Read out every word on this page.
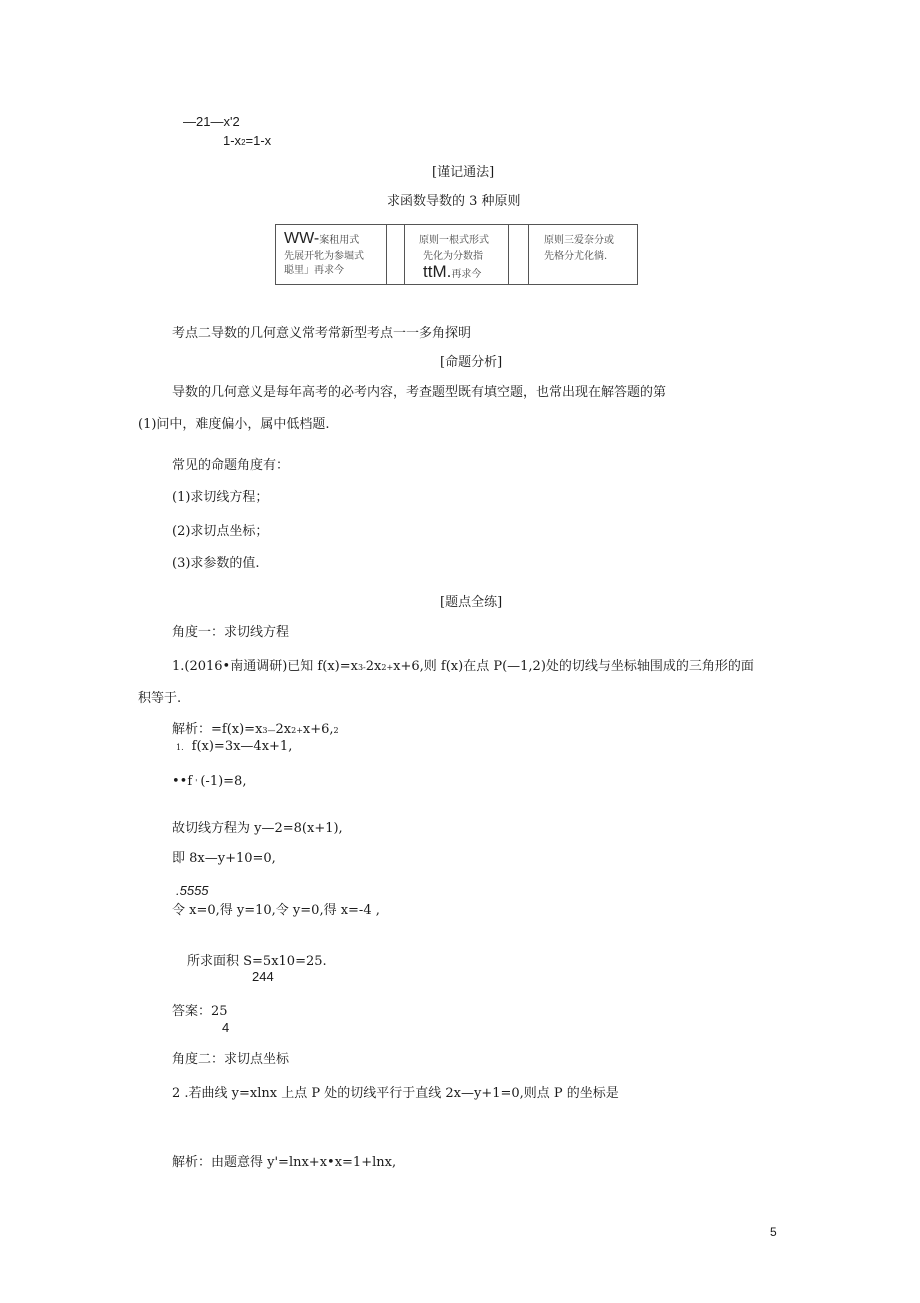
—21—x'2
1-x2=1-x
[谨记通法]
求函数导数的 3 种原则
WW-案租用式
先展开牝为参堀式
聪里」再求今
原则一根式形式
先化为分数指
ttM.再求今
原则三爱奈分或
先格分尤化徜.
考点二导数的几何意义常考常新型考点一一多角探明
[命题分析]
导数的几何意义是每年高考的必考内容，考查题型既有填空题，也常出现在解答题的第
(1)问中，难度偏小，属中低档题.
常见的命题角度有：
(1)求切线方程；
(2)求切点坐标；
(3)求参数的值.
[题点全练]
角度一：求切线方程
1.(2016•南通调研)已知 f(x)=x3-2x2+x+6,则 f(x)在点 P(—1,2)处的切线与坐标轴围成的三角形的面
积等于.
解析：=f(x)=x3—2x2+x+6,2
1. f(x)=3x—4x+1,
••f ' (-1)=8,
故切线方程为 y—2=8(x+1),
即 8x—y+10=0,
.5555
令 x=0,得 y=10,令 y=0,得 x=-4 ,
所求面积 S=5x10=25.
244
答案：25
4
角度二：求切点坐标
2 .若曲线 y=xlnx 上点 P 处的切线平行于直线 2x—y+1=0,则点 P 的坐标是
解析：由题意得 y'=lnx+x•x=1+lnx,
5
